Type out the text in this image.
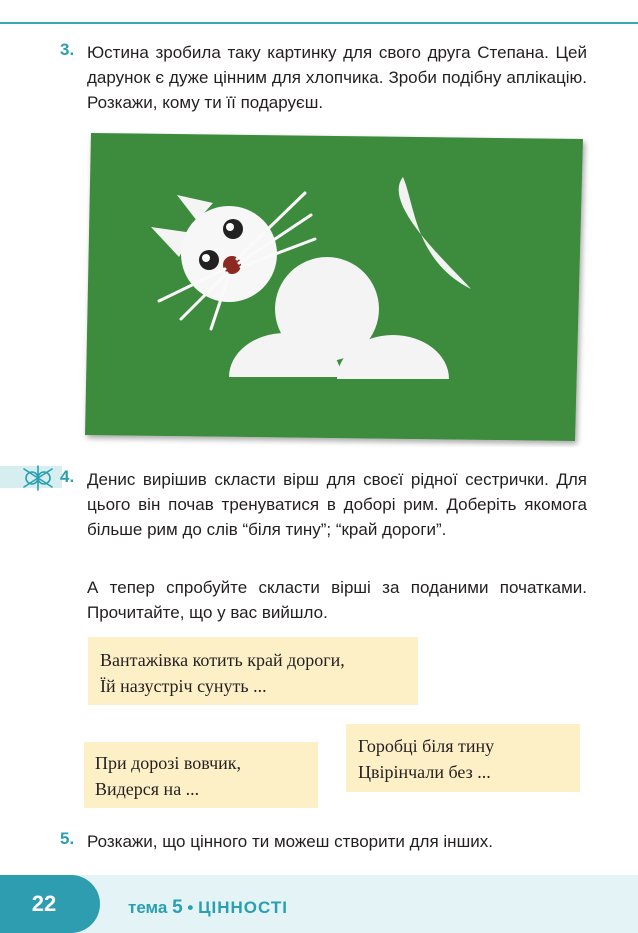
3. Юстина зробила таку картинку для свого друга Степана. Цей дарунок є дуже цінним для хлопчика. Зроби подібну аплікацію. Розкажи, кому ти її подаруєш.
4. Денис вирішив скласти вірш для своєї рідної сестрички. Для цього він почав тренуватися в доборі рим. Доберіть якомога більше рим до слів “біля тину”; “край дороги”.
А тепер спробуйте скласти вірші за поданими початками. Прочитайте, що у вас вийшло.
Вантажівка котить край дороги,
Їй назустріч сунуть ...
Горобці біля тину
Цвірінчали без ...
При дорозі вовчик,
Видерся на ...
5. Розкажи, що цінного ти можеш створити для інших.
22	тема 5 • ЦІННОСТІ
